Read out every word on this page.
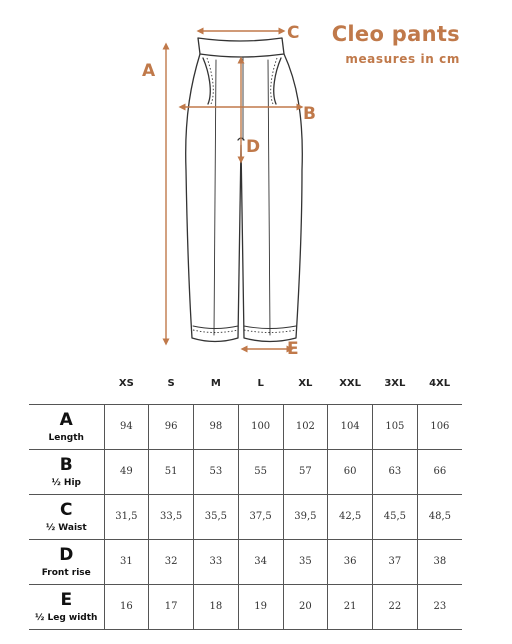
Cleo pants
measures in cm
A
B
C
D
E
	XS	S	M	L	XL	XXL	3XL	4XL

A
Length	94	96	98	100	102	104	105	106

B
½ Hip	49	51	53	55	57	60	63	66

C
½ Waist	31,5	33,5	35,5	37,5	39,5	42,5	45,5	48,5

D
Front rise	31	32	33	34	35	36	37	38

E
½ Leg width	16	17	18	19	20	21	22	23
